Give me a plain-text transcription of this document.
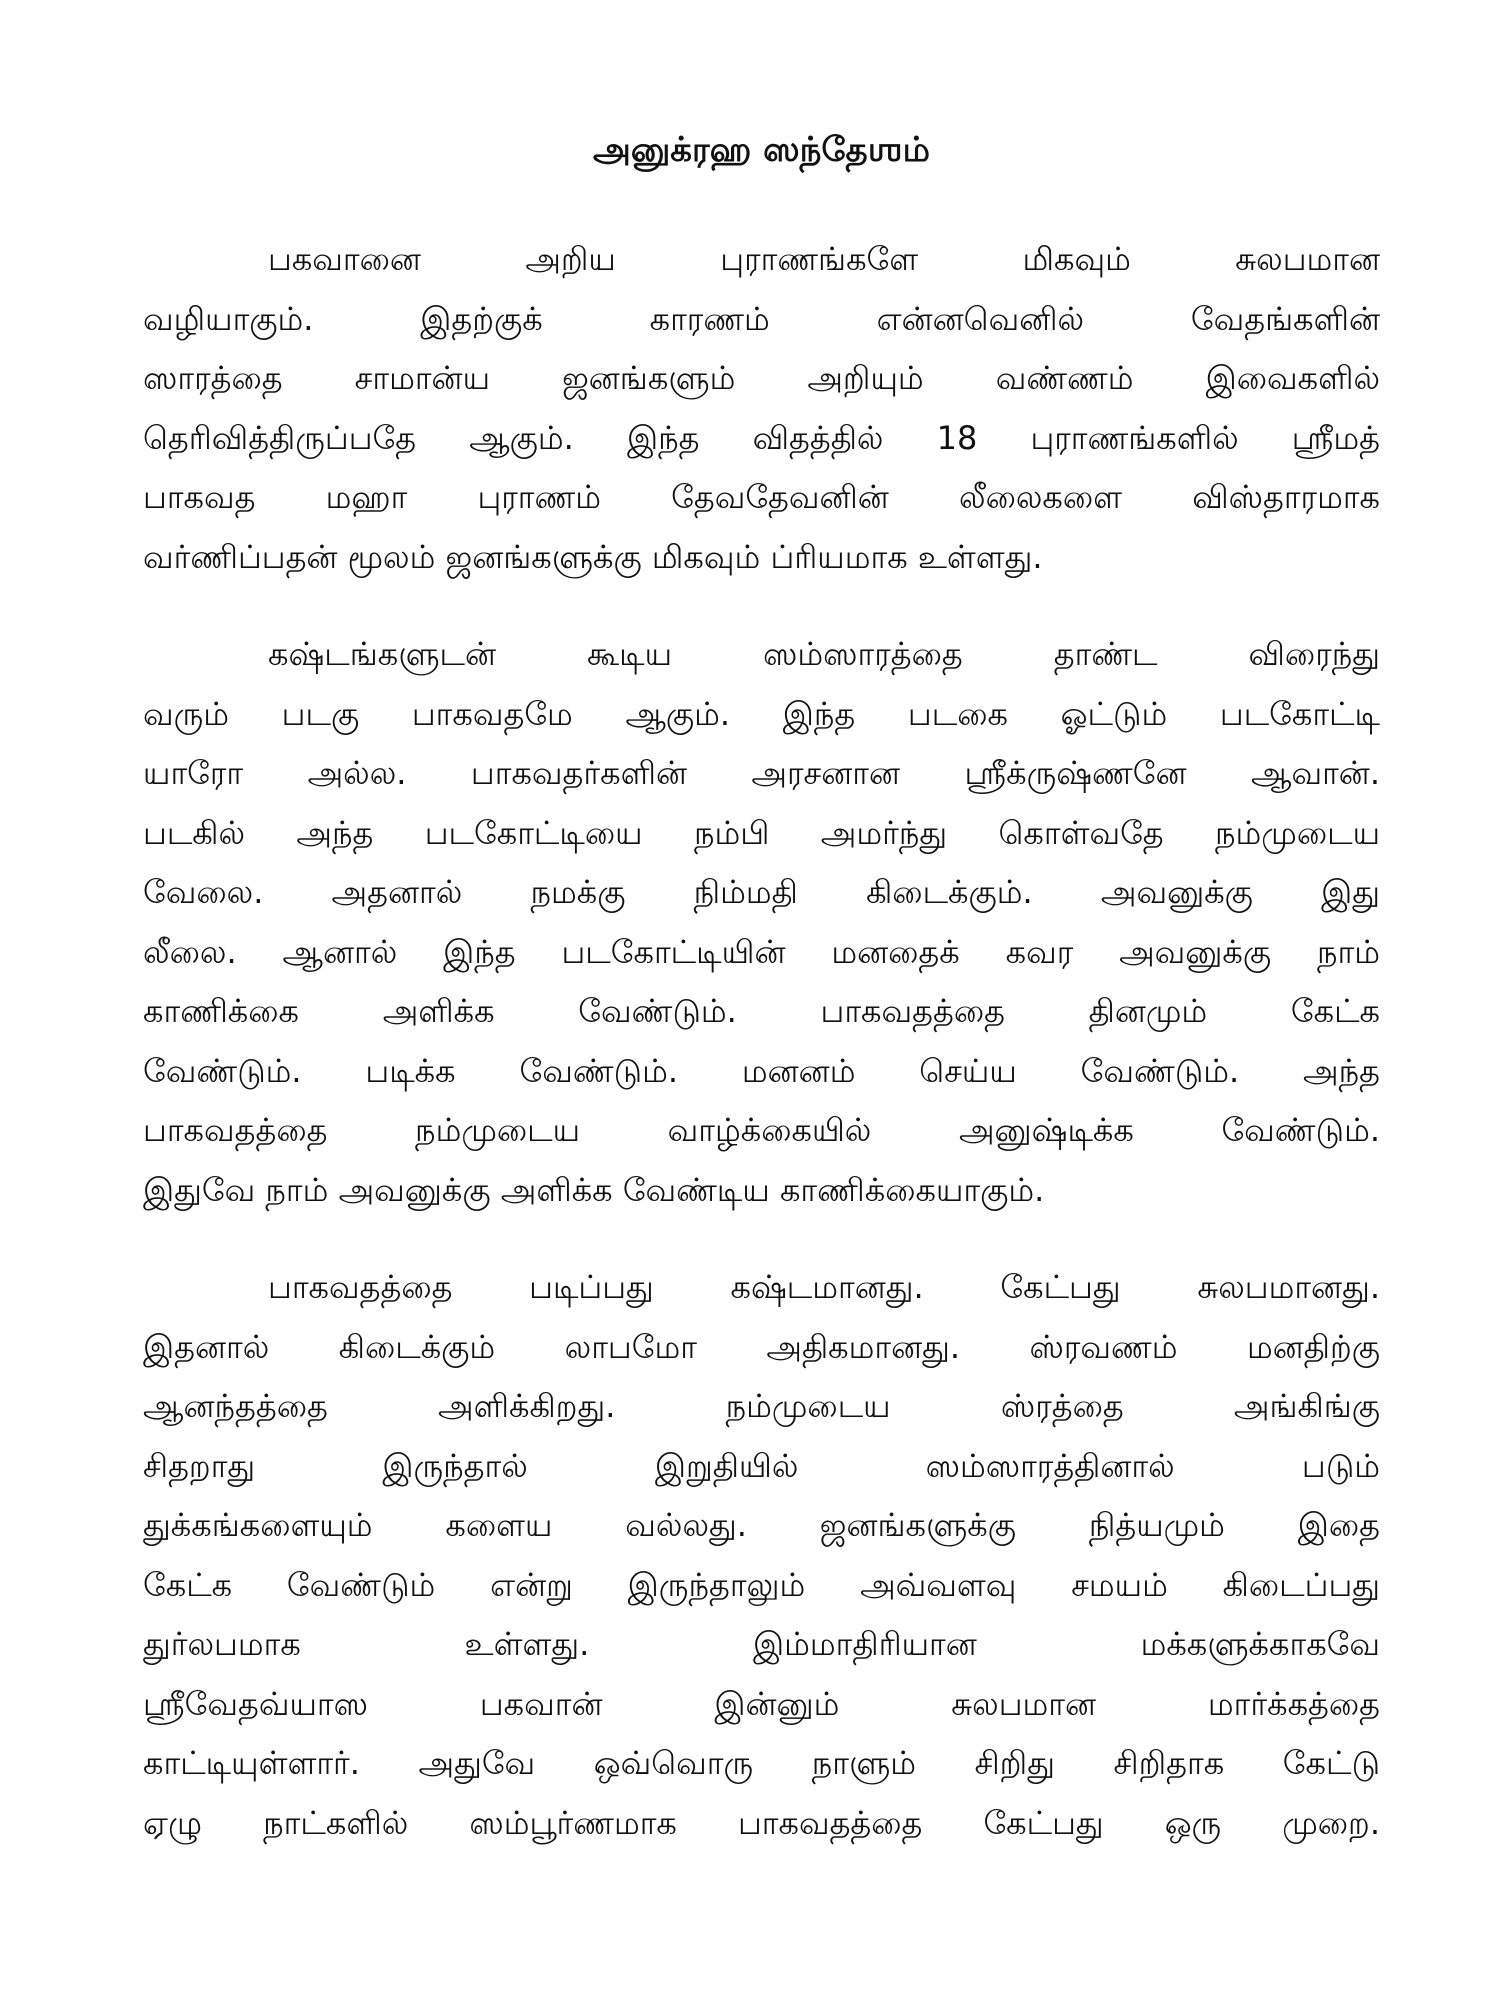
அனுக்ரஹ ஸந்தேஶம்
பகவானை அறிய புராணங்களே மிகவும் சுலபமான
வழியாகும். இதற்குக் காரணம் என்னவெனில் வேதங்களின்
ஸாரத்தை சாமான்ய ஜனங்களும் அறியும் வண்ணம் இவைகளில்
தெரிவித்திருப்பதே ஆகும். இந்த விதத்தில் 18 புராணங்களில் ஸ்ரீமத்
பாகவத மஹா புராணம் தேவதேவனின் லீலைகளை விஸ்தாரமாக
வர்ணிப்பதன் மூலம் ஜனங்களுக்கு மிகவும் ப்ரியமாக உள்ளது.
கஷ்டங்களுடன் கூடிய ஸம்ஸாரத்தை தாண்ட விரைந்து
வரும் படகு பாகவதமே ஆகும். இந்த படகை ஓட்டும் படகோட்டி
யாரோ அல்ல. பாகவதர்களின் அரசனான ஸ்ரீக்ருஷ்ணனே ஆவான்.
படகில் அந்த படகோட்டியை நம்பி அமர்ந்து கொள்வதே நம்முடைய
வேலை. அதனால் நமக்கு நிம்மதி கிடைக்கும். அவனுக்கு இது
லீலை. ஆனால் இந்த படகோட்டியின் மனதைக் கவர அவனுக்கு நாம்
காணிக்கை அளிக்க வேண்டும். பாகவதத்தை தினமும் கேட்க
வேண்டும். படிக்க வேண்டும். மனனம் செய்ய வேண்டும். அந்த
பாகவதத்தை நம்முடைய வாழ்க்கையில் அனுஷ்டிக்க வேண்டும்.
இதுவே நாம் அவனுக்கு அளிக்க வேண்டிய காணிக்கையாகும்.
பாகவதத்தை படிப்பது கஷ்டமானது. கேட்பது சுலபமானது.
இதனால் கிடைக்கும் லாபமோ அதிகமானது. ஸ்ரவணம் மனதிற்கு
ஆனந்தத்தை அளிக்கிறது. நம்முடைய ஸ்ரத்தை அங்கிங்கு
சிதறாது இருந்தால் இறுதியில் ஸம்ஸாரத்தினால் படும்
துக்கங்களையும் களைய வல்லது. ஜனங்களுக்கு நித்யமும் இதை
கேட்க வேண்டும் என்று இருந்தாலும் அவ்வளவு சமயம் கிடைப்பது
துர்லபமாக உள்ளது. இம்மாதிரியான மக்களுக்காகவே
ஸ்ரீவேதவ்யாஸ பகவான் இன்னும் சுலபமான மார்க்கத்தை
காட்டியுள்ளார். அதுவே ஒவ்வொரு நாளும் சிறிது சிறிதாக கேட்டு
ஏழு நாட்களில் ஸம்பூர்ணமாக பாகவதத்தை கேட்பது ஒரு முறை.
